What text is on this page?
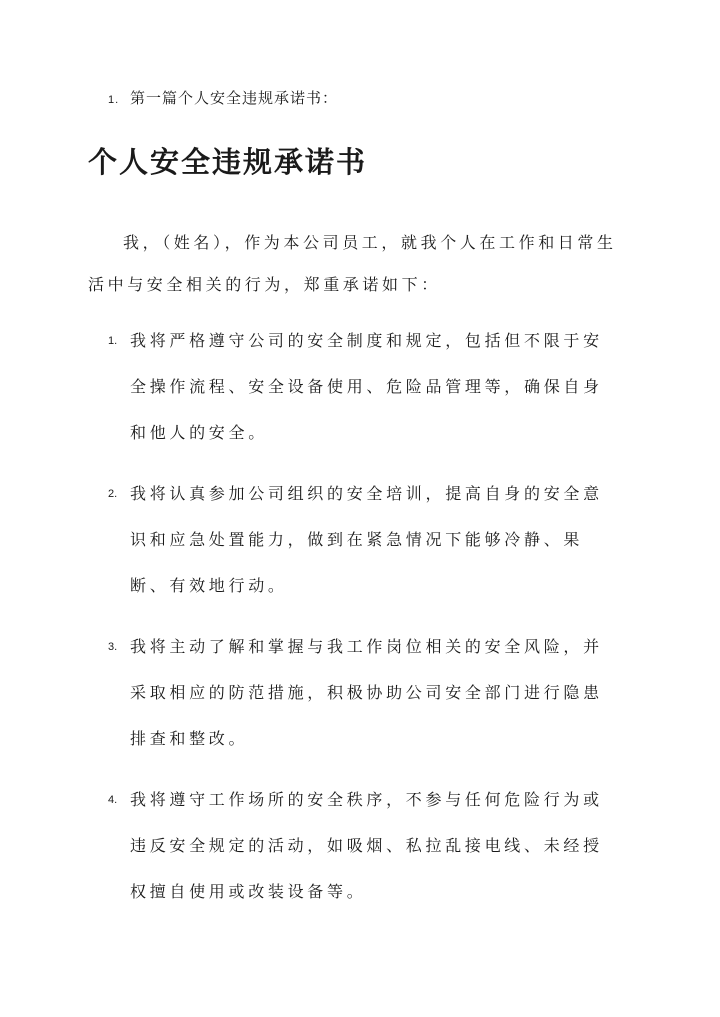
1. 第一篇个人安全违规承诺书：
个人安全违规承诺书

我，（姓名），作为本公司员工，就我个人在工作和日常生活中与安全相关的行为，郑重承诺如下：

1. 我将严格遵守公司的安全制度和规定，包括但不限于安全操作流程、安全设备使用、危险品管理等，确保自身和他人的安全。
2. 我将认真参加公司组织的安全培训，提高自身的安全意识和应急处置能力，做到在紧急情况下能够冷静、果断、有效地行动。
3. 我将主动了解和掌握与我工作岗位相关的安全风险，并采取相应的防范措施，积极协助公司安全部门进行隐患排查和整改。
4. 我将遵守工作场所的安全秩序，不参与任何危险行为或违反安全规定的活动，如吸烟、私拉乱接电线、未经授权擅自使用或改装设备等。
